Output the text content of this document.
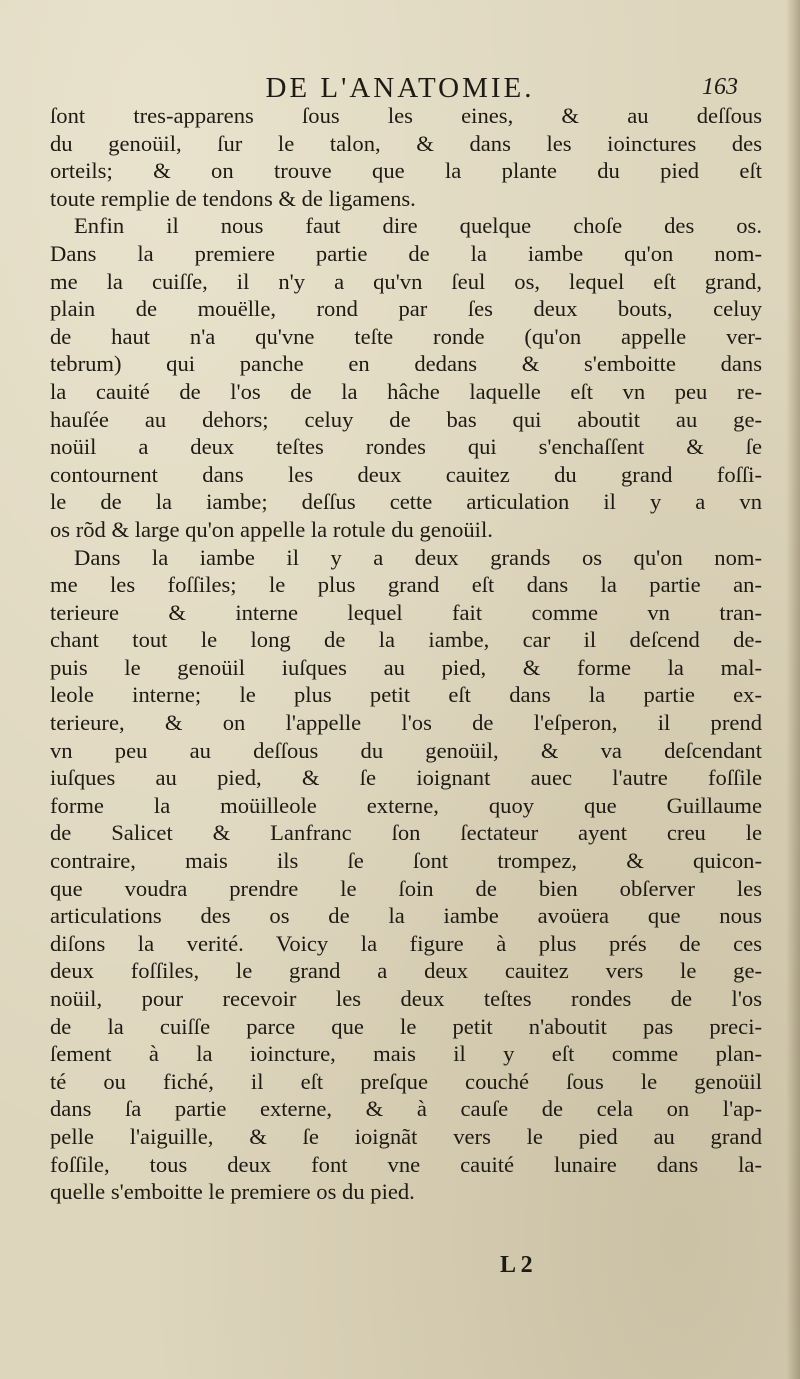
DE L'ANATOMIE.	163
ſont tres-apparens ſous les eines, & au deſſous
du genoüil, ſur le talon, & dans les ioinctures des
orteils; & on trouve que la plante du pied eſt
toute remplie de tendons & de ligamens.
Enfin il nous faut dire quelque choſe des os.
Dans la premiere partie de la iambe qu'on nom-
me la cuiſſe, il n'y a qu'vn ſeul os, lequel eſt grand,
plain de mouëlle, rond par ſes deux bouts, celuy
de haut n'a qu'vne teſte ronde (qu'on appelle ver-
tebrum) qui panche en dedans & s'emboitte dans
la cauité de l'os de la hâche laquelle eſt vn peu re-
hauſée au dehors; celuy de bas qui aboutit au ge-
noüil a deux teſtes rondes qui s'enchaſſent & ſe
contournent dans les deux cauitez du grand foſſi-
le de la iambe; deſſus cette articulation il y a vn
os rõd & large qu'on appelle la rotule du genoüil.
Dans la iambe il y a deux grands os qu'on nom-
me les foſſiles; le plus grand eſt dans la partie an-
terieure & interne lequel fait comme vn tran-
chant tout le long de la iambe, car il deſcend de-
puis le genoüil iuſques au pied, & forme la mal-
leole interne; le plus petit eſt dans la partie ex-
terieure, & on l'appelle l'os de l'eſperon, il prend
vn peu au deſſous du genoüil, & va deſcendant
iuſques au pied, & ſe ioignant auec l'autre foſſile
forme la moüilleole externe, quoy que Guillaume
de Salicet & Lanfranc ſon ſectateur ayent creu le
contraire, mais ils ſe ſont trompez, & quicon-
que voudra prendre le ſoin de bien obſerver les
articulations des os de la iambe avoüera que nous
diſons la verité. Voicy la figure à plus prés de ces
deux foſſiles, le grand a deux cauitez vers le ge-
noüil, pour recevoir les deux teſtes rondes de l'os
de la cuiſſe parce que le petit n'aboutit pas preci-
ſement à la ioincture, mais il y eſt comme plan-
té ou fiché, il eſt preſque couché ſous le genoüil
dans ſa partie externe, & à cauſe de cela on l'ap-
pelle l'aiguille, & ſe ioignãt vers le pied au grand
foſſile, tous deux font vne cauité lunaire dans la-
quelle s'emboitte le premiere os du pied.
L 2
